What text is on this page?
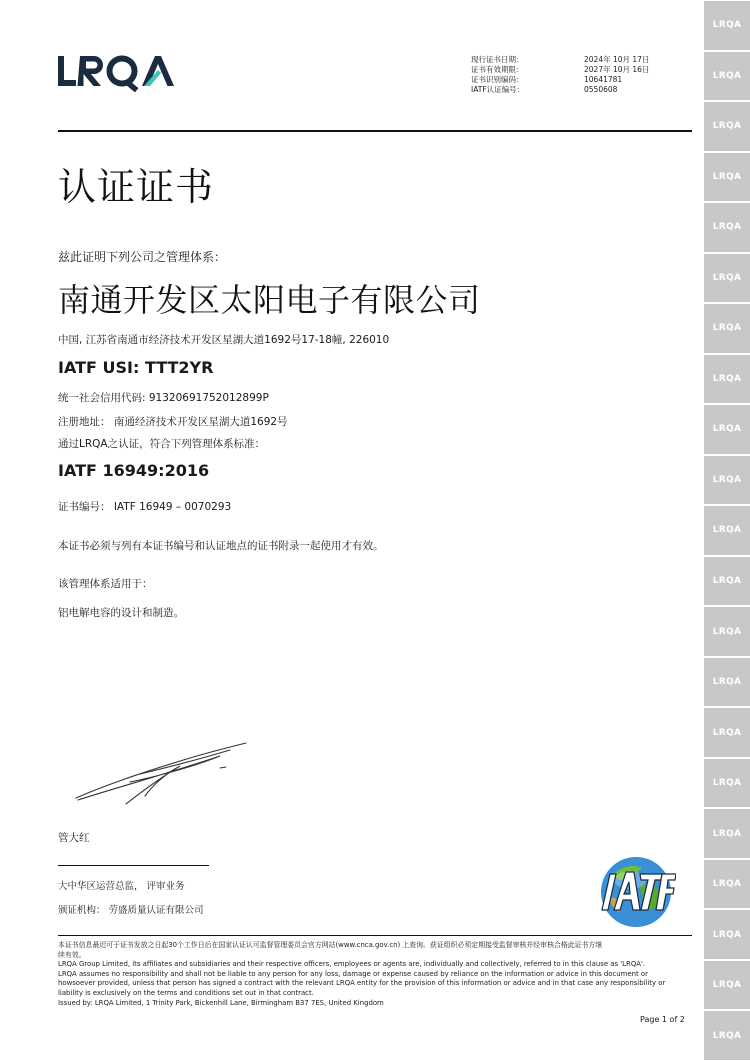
现行证书日期：
证书有效期限：
证书识别编码：
IATF认证编号：
2024年 10月 17日
2027年 10月 16日
10641781
0550608
认证证书
兹此证明下列公司之管理体系：
南通开发区太阳电子有限公司
中国, 江苏省南通市经济技术开发区星湖大道1692号17-18幢, 226010
IATF USI: TTT2YR
统一社会信用代码: 91320691752012899P
注册地址： 南通经济技术开发区星湖大道1692号
通过LRQA之认证，符合下列管理体系标准：
IATF 16949:2016
证书编号： IATF 16949 – 0070293
本证书必须与列有本证书编号和认证地点的证书附录一起使用才有效。
该管理体系适用于：
铝电解电容的设计和制造。
管大红
大中华区运营总监， 评审业务
颁证机构： 劳盛质量认证有限公司
本证书信息最迟可于证书发放之日起30个工作日后在国家认证认可监督管理委员会官方网站(www.cnca.gov.cn) 上查询。获证组织必须定期接受监督审核并经审核合格此证书方继
续有效。
LRQA Group Limited, its affiliates and subsidiaries and their respective officers, employees or agents are, individually and collectively, referred to in this clause as 'LRQA'.
LRQA assumes no responsibility and shall not be liable to any person for any loss, damage or expense caused by reliance on the information or advice in this document or
howsoever provided, unless that person has signed a contract with the relevant LRQA entity for the provision of this information or advice and in that case any responsibility or
liability is exclusively on the terms and conditions set out in that contract.
Issued by: LRQA Limited, 1 Trinity Park, Bickenhill Lane, Birmingham B37 7ES, United Kingdom
Page 1 of 2
LRQA
LRQA
LRQA
LRQA
LRQA
LRQA
LRQA
LRQA
LRQA
LRQA
LRQA
LRQA
LRQA
LRQA
LRQA
LRQA
LRQA
LRQA
LRQA
LRQA
LRQA
